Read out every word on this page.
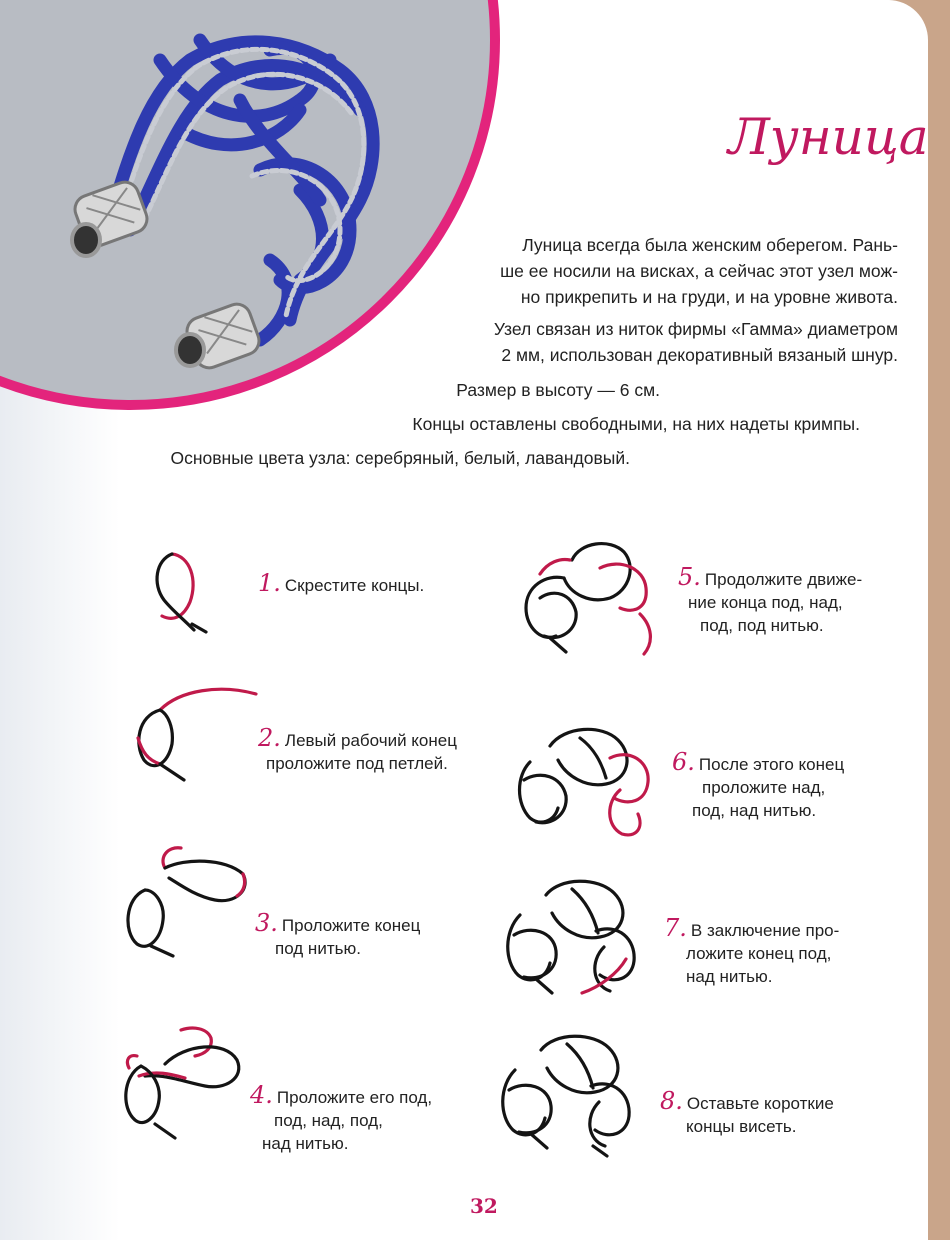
Луница

Луница всегда была женским оберегом. Рань-
ше ее носили на висках, а сейчас этот узел мож-
но прикрепить и на груди, и на уровне живота.

Узел связан из ниток фирмы «Гамма» диаметром
2 мм, использован декоративный вязаный шнур.

Размер в высоту — 6 см.

Концы оставлены свободными, на них надеты кримпы.

Основные цвета узла: серебряный, белый, лавандовый.

1. Скрестите концы.
2. Левый рабочий конец
проложите под петлей.
3. Проложите конец
под нитью.
4. Проложите его под,
под, над, под,
над нитью.
5. Продолжите движе-
ние конца под, над,
под, под нитью.
6. После этого конец
проложите над,
под, над нитью.
7. В заключение про-
ложите конец под,
над нитью.
8. Оставьте короткие
концы висеть.
32
